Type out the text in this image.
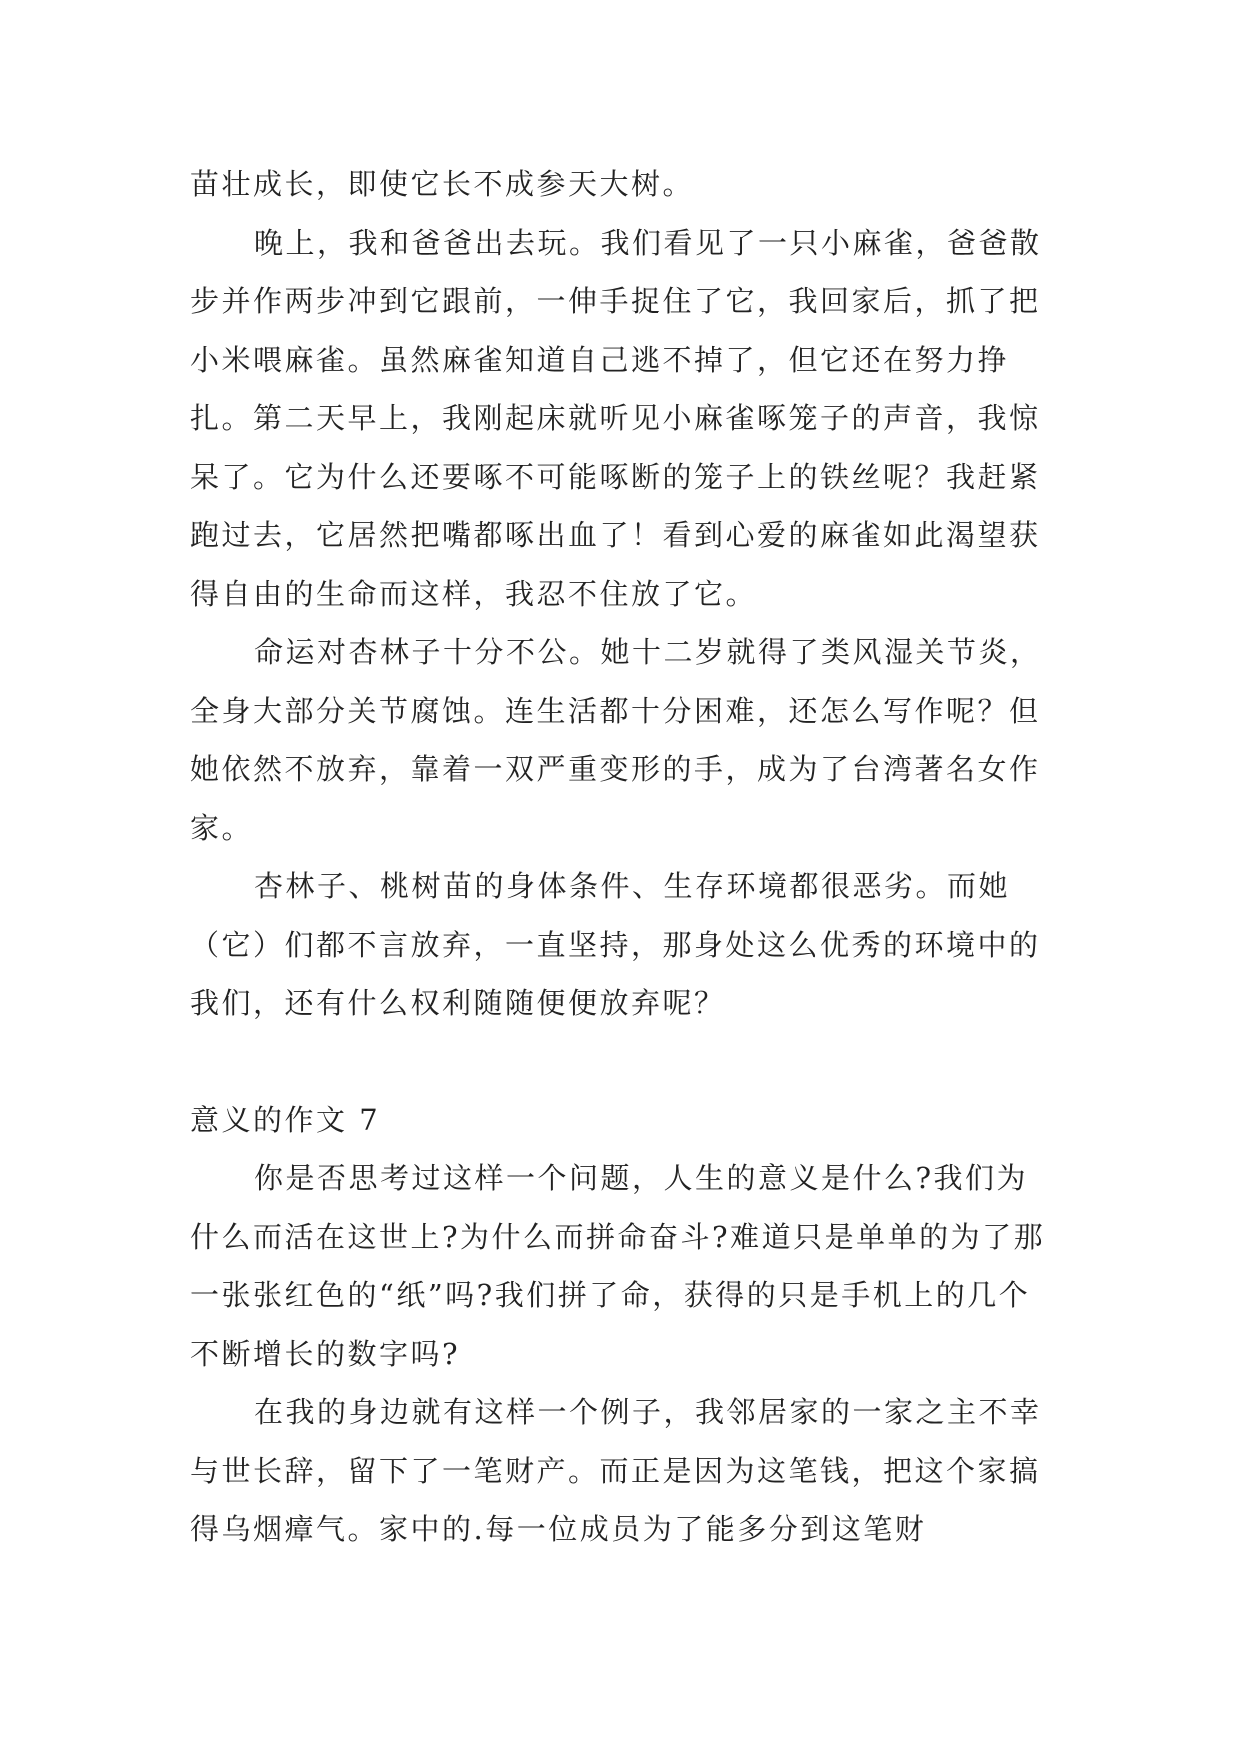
苗壮成长，即使它长不成参天大树。

晚上，我和爸爸出去玩。我们看见了一只小麻雀，爸爸散步并作两步冲到它跟前，一伸手捉住了它，我回家后，抓了把小米喂麻雀。虽然麻雀知道自己逃不掉了，但它还在努力挣扎。第二天早上，我刚起床就听见小麻雀啄笼子的声音，我惊呆了。它为什么还要啄不可能啄断的笼子上的铁丝呢？我赶紧跑过去，它居然把嘴都啄出血了！看到心爱的麻雀如此渴望获得自由的生命而这样，我忍不住放了它。

命运对杏林子十分不公。她十二岁就得了类风湿关节炎，全身大部分关节腐蚀。连生活都十分困难，还怎么写作呢？但她依然不放弃，靠着一双严重变形的手，成为了台湾著名女作家。

杏林子、桃树苗的身体条件、生存环境都很恶劣。而她（它）们都不言放弃，一直坚持，那身处这么优秀的环境中的我们，还有什么权利随随便便放弃呢？

意义的作文 7

你是否思考过这样一个问题，人生的意义是什么?我们为什么而活在这世上?为什么而拼命奋斗?难道只是单单的为了那一张张红色的“纸”吗?我们拼了命，获得的只是手机上的几个不断增长的数字吗?

在我的身边就有这样一个例子，我邻居家的一家之主不幸与世长辞，留下了一笔财产。而正是因为这笔钱，把这个家搞得乌烟瘴气。家中的.每一位成员为了能多分到这笔财
